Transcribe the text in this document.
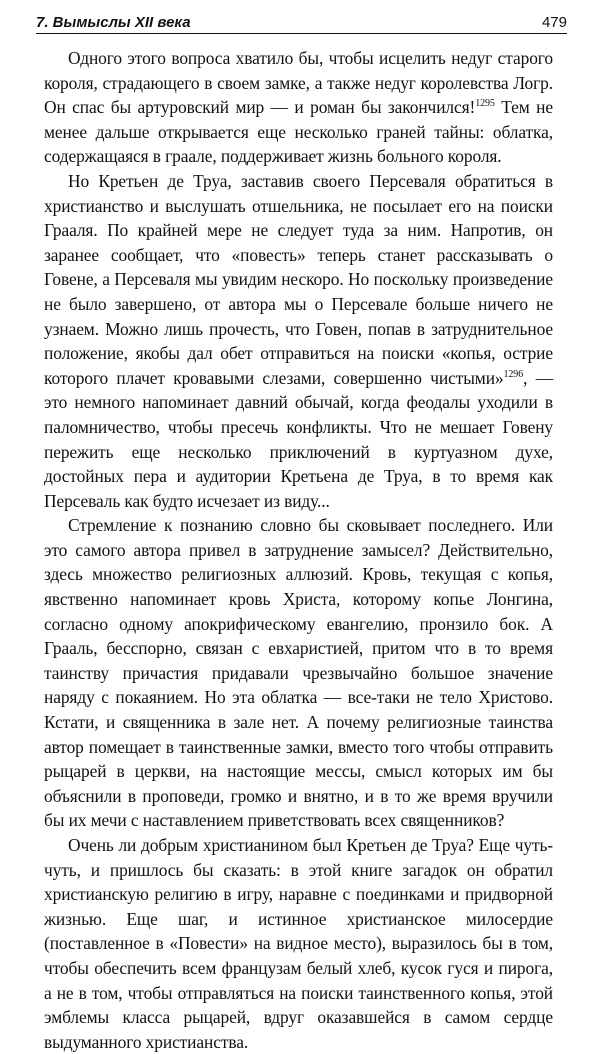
7. Вымыслы XII века	479

Одного этого вопроса хватило бы, чтобы исцелить недуг старого короля, страдающего в своем замке, а также недуг королевства Логр. Он спас бы артуровский мир — и роман бы закончился!$^{1295}$ Тем не менее дальше открывается еще несколько граней тайны: облатка, содержащаяся в граале, поддерживает жизнь больного короля.

Но Кретьен де Труа, заставив своего Персеваля обратиться в христианство и выслушать отшельника, не посылает его на поиски Грааля. По крайней мере не следует туда за ним. Напротив, он заранее сообщает, что «повесть» теперь станет рассказывать о Говене, а Персеваля мы увидим нескоро. Но поскольку произведение не было завершено, от автора мы о Персевале больше ничего не узнаем. Можно лишь прочесть, что Говен, попав в затруднительное положение, якобы дал обет отправиться на поиски «копья, острие которого плачет кровавыми слезами, совершенно чистыми»$^{1296}$, — это немного напоминает давний обычай, когда феодалы уходили в паломничество, чтобы пресечь конфликты. Что не мешает Говену пережить еще несколько приключений в куртуазном духе, достойных пера и аудитории Кретьена де Труа, в то время как Персеваль как будто исчезает из виду...

Стремление к познанию словно бы сковывает последнего. Или это самого автора привел в затруднение замысел? Действительно, здесь множество религиозных аллюзий. Кровь, текущая с копья, явственно напоминает кровь Христа, которому копье Лонгина, согласно одному апокрифическому евангелию, пронзило бок. А Грааль, бесспорно, связан с евхаристией, притом что в то время таинству причастия придавали чрезвычайно большое значение наряду с покаянием. Но эта облатка — все-таки не тело Христово. Кстати, и священника в зале нет. А почему религиозные таинства автор помещает в таинственные замки, вместо того чтобы отправить рыцарей в церкви, на настоящие мессы, смысл которых им бы объяснили в проповеди, громко и внятно, и в то же время вручили бы их мечи с наставлением приветствовать всех священников?

Очень ли добрым христианином был Кретьен де Труа? Еще чуть-чуть, и пришлось бы сказать: в этой книге загадок он обратил христианскую религию в игру, наравне с поединками и придворной жизнью. Еще шаг, и истинное христианское милосердие (поставленное в «Повести» на видное место), выразилось бы в том, чтобы обеспечить всем французам белый хлеб, кусок гуся и пирога, а не в том, чтобы отправляться на поиски таинственного копья, этой эмблемы класса рыцарей, вдруг оказавшейся в самом сердце выдуманного христианства.
